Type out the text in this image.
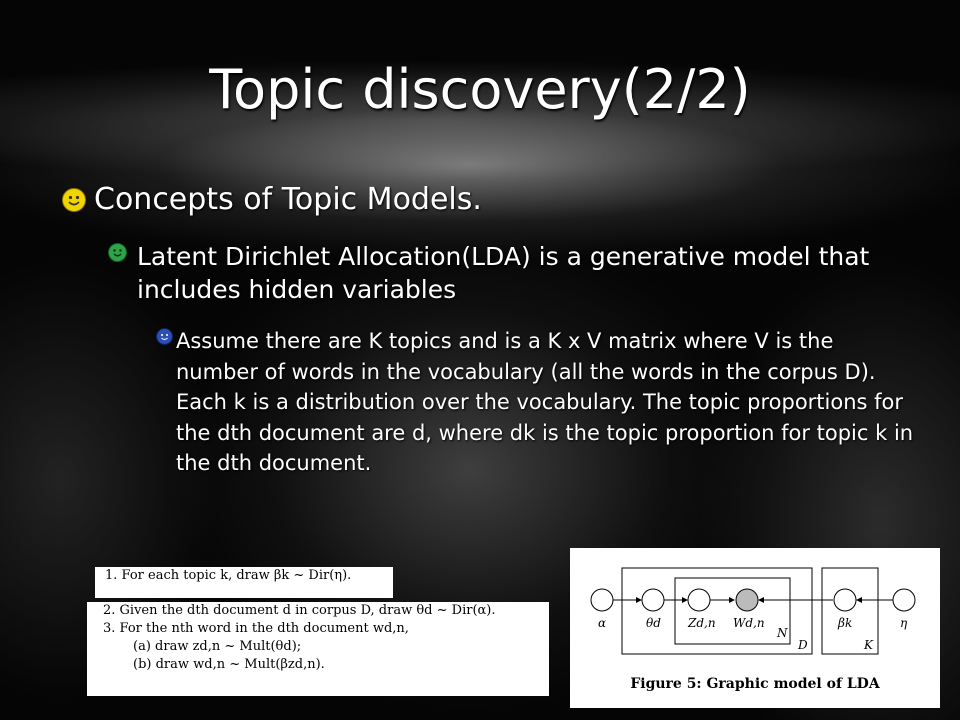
Topic discovery(2/2)
Concepts of Topic Models.
Latent Dirichlet Allocation(LDA) is a generative model that includes hidden variables
Assume there are K topics and is a K x V matrix where V is the number of words in the vocabulary (all the words in the corpus D). Each k is a distribution over the vocabulary. The topic proportions for the dth document are d, where dk is the topic proportion for topic k in the dth document.
1. For each topic k, draw βk ~ Dir(η).
2. Given the dth document d in corpus D, draw θd ~ Dir(α).
3. For the nth word in the dth document wd,n,
(a) draw zd,n ~ Mult(θd);
(b) draw wd,n ~ Mult(βzd,n).
α	θd Zd,n Wd,n	βk	η
N
D	K
Figure 5: Graphic model of LDA
